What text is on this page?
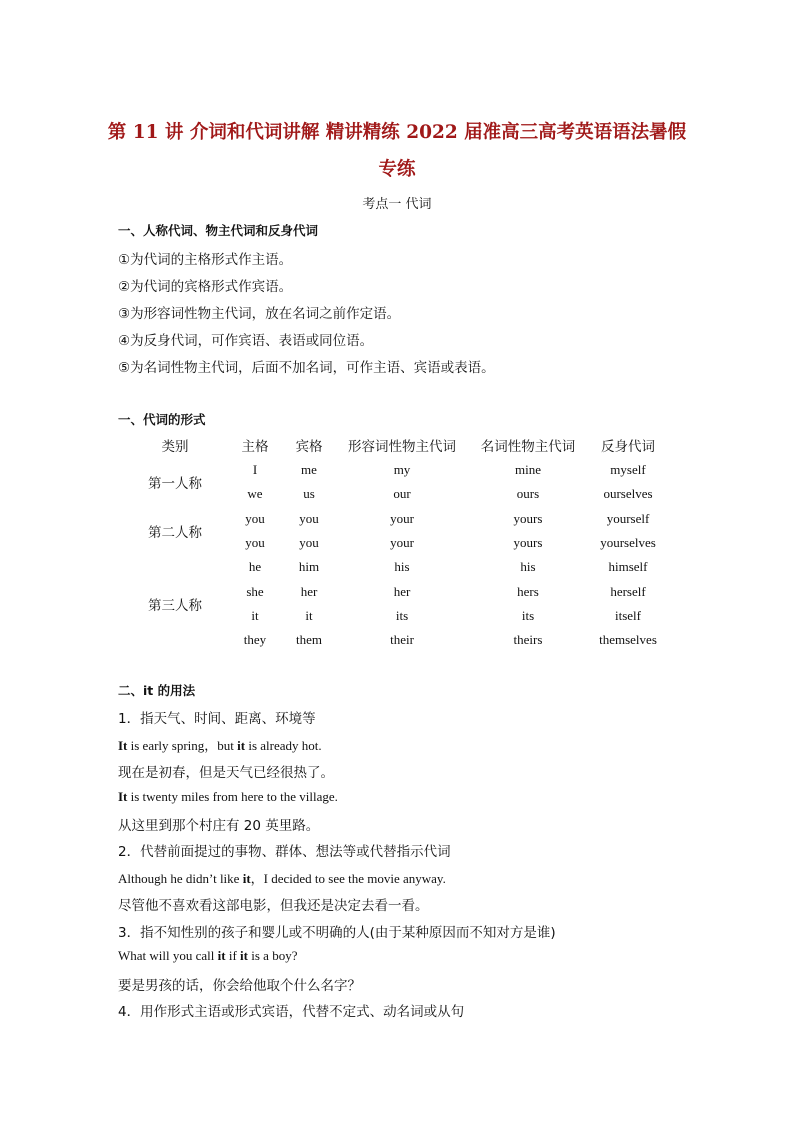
第 11 讲 介词和代词讲解 精讲精练 2022 届准高三高考英语语法暑假
专练
考点一 代词
一、人称代词、物主代词和反身代词
①为代词的主格形式作主语。
②为代词的宾格形式作宾语。
③为形容词性物主代词，放在名词之前作定语。
④为反身代词，可作宾语、表语或同位语。
⑤为名词性物主代词，后面不加名词，可作主语、宾语或表语。
一、代词的形式
类别	主格	宾格	形容词性物主代词	名词性物主代词	反身代词
第一人称	I	me	my	mine	myself
	we	us	our	ours	ourselves
第二人称	you	you	your	yours	yourself
	you	you	your	yours	yourselves
第三人称	he	him	his	his	himself
	she	her	her	hers	herself
	it	it	its	its	itself
	they	them	their	theirs	themselves
二、it 的用法
1．指天气、时间、距离、环境等
It is early spring，but it is already hot.
现在是初春，但是天气已经很热了。
It is twenty miles from here to the village.
从这里到那个村庄有 20 英里路。
2．代替前面提过的事物、群体、想法等或代替指示代词
Although he didn’t like it，I decided to see the movie anyway.
尽管他不喜欢看这部电影，但我还是决定去看一看。
3．指不知性别的孩子和婴儿或不明确的人(由于某种原因而不知对方是谁)
What will you call it if it is a boy?
要是男孩的话，你会给他取个什么名字？
4．用作形式主语或形式宾语，代替不定式、动名词或从句
